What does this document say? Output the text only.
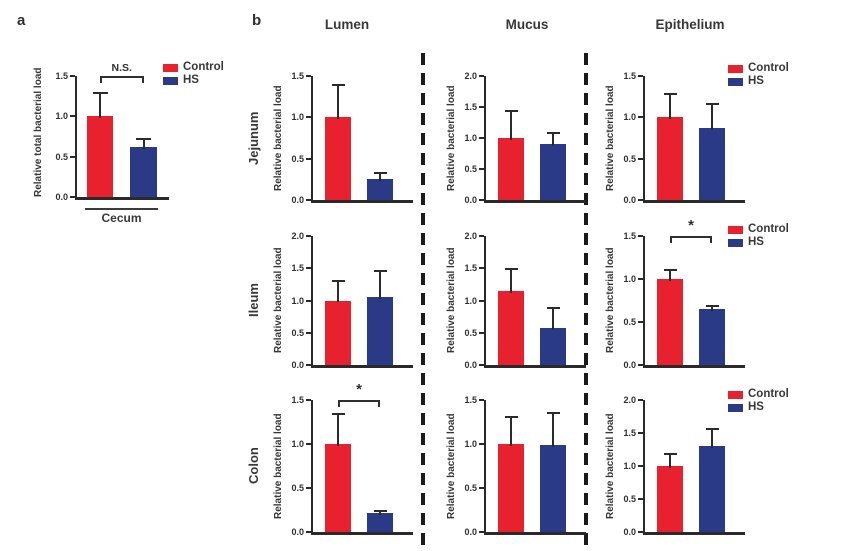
a	b	Lumen	Mucus	Epithelium
Jejunum
Ileum
Colon
0.0
0.5
1.0
1.5
Relative total bacterial load	N.S.
Cecum
0.0
0.5
1.0
1.5
Relative bacterial load
0.0
0.5
1.0
1.5
2.0
Relative bacterial load
0.0
0.5
1.0
1.5
Relative bacterial load
0.0
0.5
1.0
1.5
2.0
Relative bacterial load
0.0
0.5
1.0
1.5
2.0
Relative bacterial load
0.0
0.5
1.0
1.5
Relative bacterial load
*
0.0
0.5
1.0
1.5
Relative bacterial load
*
0.0
0.5
1.0
1.5
Relative bacterial load
0.0
0.5
1.0
1.5
2.0
Relative bacterial load
Control
HS
Control
HS
Control
HS
Control
HS
